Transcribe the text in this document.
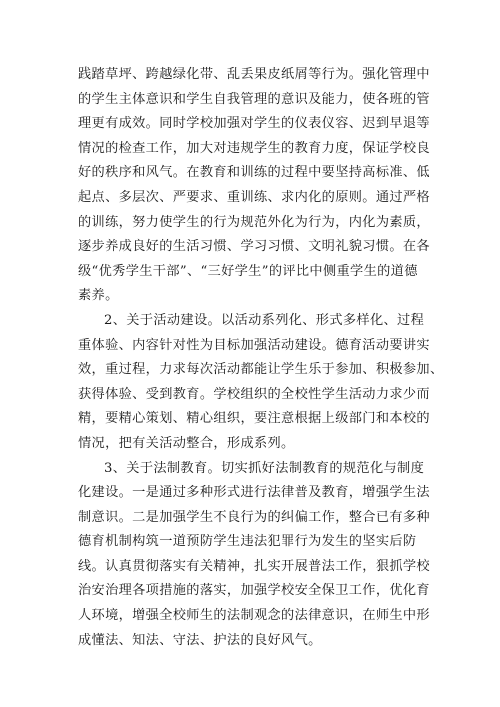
践踏草坪、跨越绿化带、乱丢果皮纸屑等行为。强化管理中
的学生主体意识和学生自我管理的意识及能力，使各班的管
理更有成效。同时学校加强对学生的仪表仪容、迟到早退等
情况的检查工作，加大对违规学生的教育力度，保证学校良
好的秩序和风气。在教育和训练的过程中要坚持高标准、低
起点、多层次、严要求、重训练、求内化的原则。通过严格
的训练，努力使学生的行为规范外化为行为，内化为素质，
逐步养成良好的生活习惯、学习习惯、文明礼貌习惯。在各
级“优秀学生干部”、“三好学生”的评比中侧重学生的道德
素养。
2、关于活动建设。以活动系列化、形式多样化、过程
重体验、内容针对性为目标加强活动建设。德育活动要讲实
效，重过程，力求每次活动都能让学生乐于参加、积极参加、
获得体验、受到教育。学校组织的全校性学生活动力求少而
精，要精心策划、精心组织，要注意根据上级部门和本校的
情况，把有关活动整合，形成系列。
3、关于法制教育。切实抓好法制教育的规范化与制度
化建设。一是通过多种形式进行法律普及教育，增强学生法
制意识。二是加强学生不良行为的纠偏工作，整合已有多种
德育机制构筑一道预防学生违法犯罪行为发生的坚实后防
线。认真贯彻落实有关精神，扎实开展普法工作，狠抓学校
治安治理各项措施的落实，加强学校安全保卫工作，优化育
人环境，增强全校师生的法制观念的法律意识，在师生中形
成懂法、知法、守法、护法的良好风气。
